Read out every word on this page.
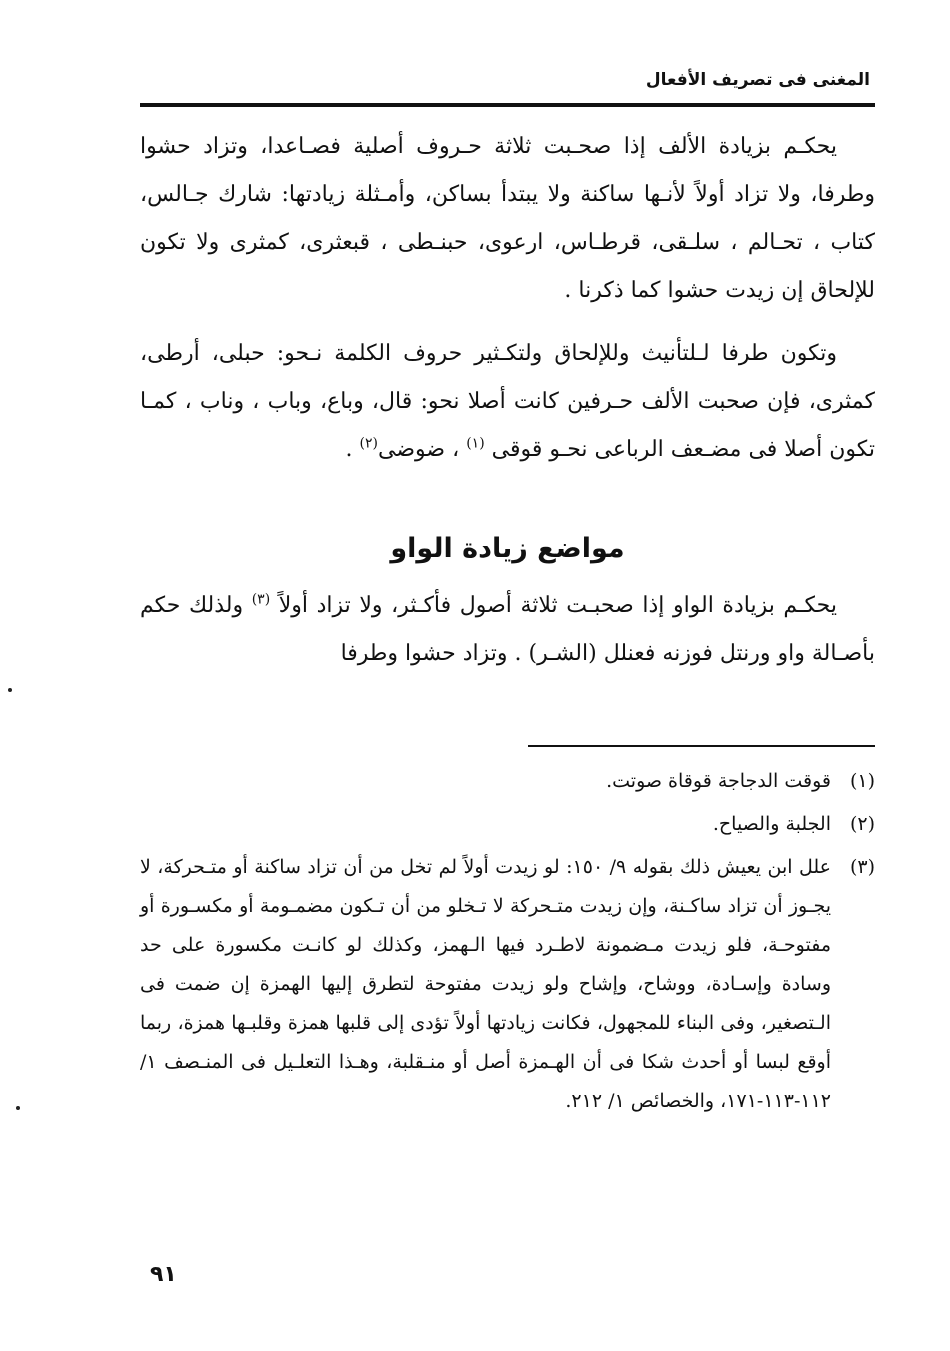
المغنى فى تصريف الأفعال

يحكـم بزيادة الألف إذا صحـبت ثلاثة حـروف أصلية فصـاعدا، وتزاد حشوا وطرفا، ولا تزاد أولاً لأنـها ساكنة ولا يبتدأ بساكن، وأمـثلة زيادتها: شارك جـالس، كتاب ، تحـالم ، سلـقى، قرطـاس، ارعوى، حبنـطى ، قبعثرى، كمثرى ولا تكون للإلحاق إن زيدت حشوا كما ذكرنا .

وتكون طرفا لـلتأنيث وللإلحاق ولتكـثير حروف الكلمة نـحو: حبلى، أرطى، كمثرى، فإن صحبت الألف حـرفين كانت أصلا نحو: قال، وباع، وباب ، وناب ، كمـا تكون أصلا فى مضـعف الرباعى نحـو قوقى $^{(١)}$ ، ضوضى$^{(٢)}$ .

مواضع زيادة الواو

يحكـم بزيادة الواو إذا صحبـت ثلاثة أصول فأكـثر، ولا تزاد أولاً $^{(٣)}$ ولذلك حكم بأصـالة واو ورنتل فوزنه فعنلل (الشـر) . وتزاد حشوا وطرفا

(١)
قوقت الدجاجة قوقاة صوتت.
(٢)
الجلبة والصياح.
(٣)
علل ابن يعيش ذلك بقوله ٩/ ١٥٠: لو زيدت أولاً لم تخل من أن تزاد ساكنة أو متـحركة، لا يجـوز أن تزاد ساكـنة، وإن زيدت متـحركة لا تـخلو من أن تـكون مضمـومة أو مكسـورة أو مفتوحـة، فلو زيدت مـضمونة لاطـرد فيها الـهمز، وكذلك لو كانـت مكسورة على حد وسادة وإسـادة، ووشاح، وإشاح ولو زيدت مفتوحة لتطرق إليها الهمزة إن ضمت فى الـتصغير، وفى البناء للمجهول، فكانت زيادتها أولاً تؤدى إلى قلبها همزة وقلبـها همزة، ربما أوقع لبسا أو أحدث شكا فى أن الهـمزة أصل أو منـقلبة، وهـذا التعلـيل فى المنـصف ١/ ١١٢-١١٣-١٧١، والخصائص ١/ ٢١٢.
٩١
